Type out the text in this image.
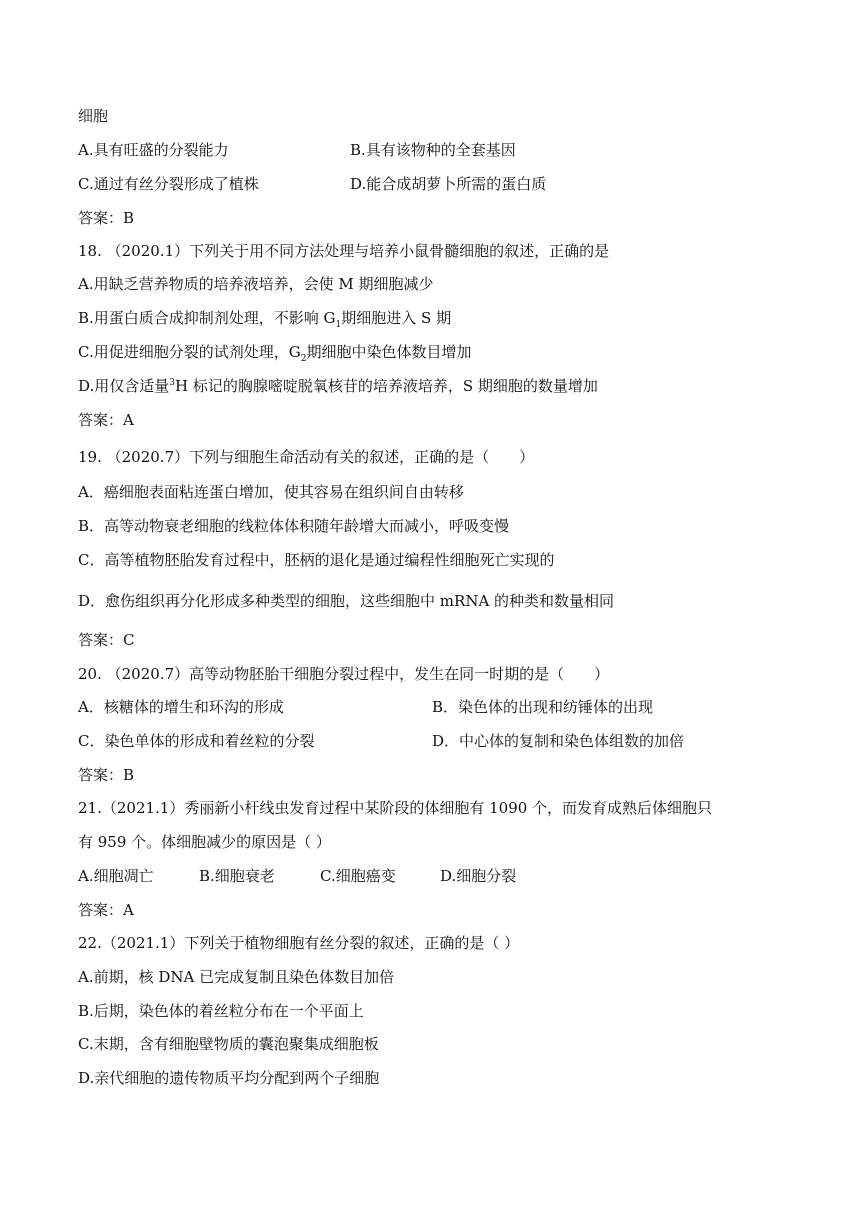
细胞
A.具有旺盛的分裂能力	B.具有该物种的全套基因
C.通过有丝分裂形成了植株	D.能合成胡萝卜所需的蛋白质
答案：B
18. （2020.1）下列关于用不同方法处理与培养小鼠骨髓细胞的叙述，正确的是
A.用缺乏营养物质的培养液培养，会使 M 期细胞减少
B.用蛋白质合成抑制剂处理，不影响 $G_1$期细胞进入 S 期
C.用促进细胞分裂的试剂处理，$G_2$期细胞中染色体数目增加
D.用仅含适量$^3$H 标记的胸腺嘧啶脱氧核苷的培养液培养，S 期细胞的数量增加
答案：A
19. （2020.7）下列与细胞生命活动有关的叙述，正确的是（　　）
A．癌细胞表面粘连蛋白增加，使其容易在组织间自由转移
B．高等动物衰老细胞的线粒体体积随年龄增大而减小，呼吸变慢
C．高等植物胚胎发育过程中，胚柄的退化是通过编程性细胞死亡实现的
D．愈伤组织再分化形成多种类型的细胞，这些细胞中 mRNA 的种类和数量相同
答案：C
20. （2020.7）高等动物胚胎干细胞分裂过程中，发生在同一时期的是（　　）
A．核糖体的增生和环沟的形成	B．染色体的出现和纺锤体的出现
C．染色单体的形成和着丝粒的分裂	D．中心体的复制和染色体组数的加倍
答案：B
21.（2021.1）秀丽新小杆线虫发育过程中某阶段的体细胞有 1090 个，而发育成熟后体细胞只
有 959 个。体细胞减少的原因是（ ）
A.细胞凋亡	B.细胞衰老	C.细胞癌变	D.细胞分裂
答案：A
22.（2021.1）下列关于植物细胞有丝分裂的叙述，正确的是（ ）
A.前期，核 DNA 已完成复制且染色体数目加倍
B.后期，染色体的着丝粒分布在一个平面上
C.末期，含有细胞壁物质的囊泡聚集成细胞板
D.亲代细胞的遗传物质平均分配到两个子细胞
